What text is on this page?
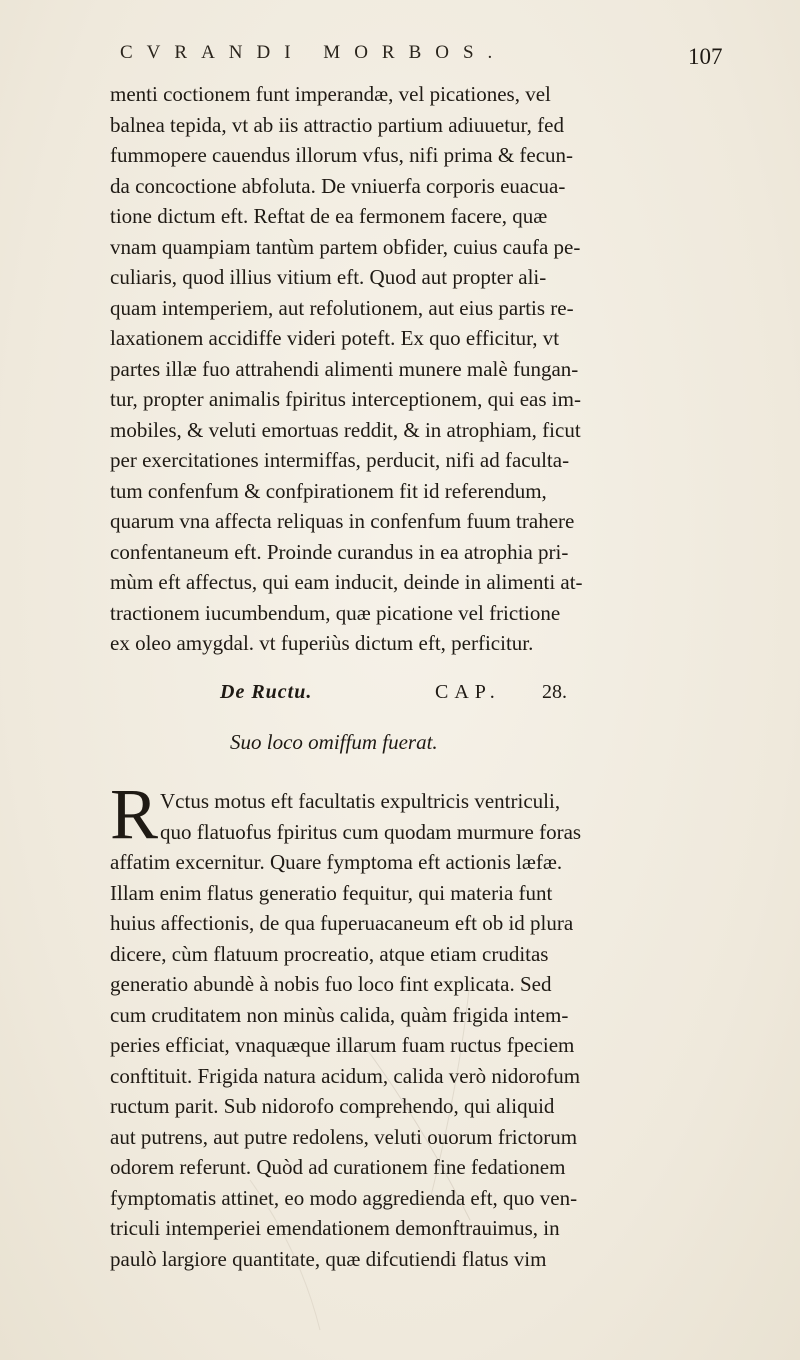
CVRANDI MORBOS.	107
menti coctionem funt imperandæ, vel picationes, vel
balnea tepida, vt ab iis attractio partium adiuuetur, fed
fummopere cauendus illorum vfus, nifi prima & fecun-
da concoctione abfoluta. De vniuerfa corporis euacua-
tione dictum eft. Reftat de ea fermonem facere, quæ
vnam quampiam tantùm partem obfider, cuius caufa pe-
culiaris, quod illius vitium eft. Quod aut propter ali-
quam intemperiem, aut refolutionem, aut eius partis re-
laxationem accidiffe videri poteft. Ex quo efficitur, vt
partes illæ fuo attrahendi alimenti munere malè fungan-
tur, propter animalis fpiritus interceptionem, qui eas im-
mobiles, & veluti emortuas reddit, & in atrophiam, ficut
per exercitationes intermiffas, perducit, nifi ad faculta-
tum confenfum & confpirationem fit id referendum,
quarum vna affecta reliquas in confenfum fuum trahere
confentaneum eft. Proinde curandus in ea atrophia pri-
mùm eft affectus, qui eam inducit, deinde in alimenti at-
tractionem iucumbendum, quæ picatione vel frictione
ex oleo amygdal. vt fuperiùs dictum eft, perficitur.
De Ructu.	CAP. 28.
Suo loco omiffum fuerat.
R Vctus motus eft facultatis expultricis ventriculi,
quo flatuofus fpiritus cum quodam murmure foras
affatim excernitur. Quare fymptoma eft actionis læfæ.
Illam enim flatus generatio fequitur, qui materia funt
huius affectionis, de qua fuperuacaneum eft ob id plura
dicere, cùm flatuum procreatio, atque etiam cruditas
generatio abundè à nobis fuo loco fint explicata. Sed
cum cruditatem non minùs calida, quàm frigida intem-
peries efficiat, vnaquæque illarum fuam ructus fpeciem
conftituit. Frigida natura acidum, calida verò nidorofum
ructum parit. Sub nidorofo comprehendo, qui aliquid
aut putrens, aut putre redolens, veluti ouorum frictorum
odorem referunt. Quòd ad curationem fine fedationem
fymptomatis attinet, eo modo aggredienda eft, quo ven-
triculi intemperiei emendationem demonftrauimus, in
paulò largiore quantitate, quæ difcutiendi flatus vim
